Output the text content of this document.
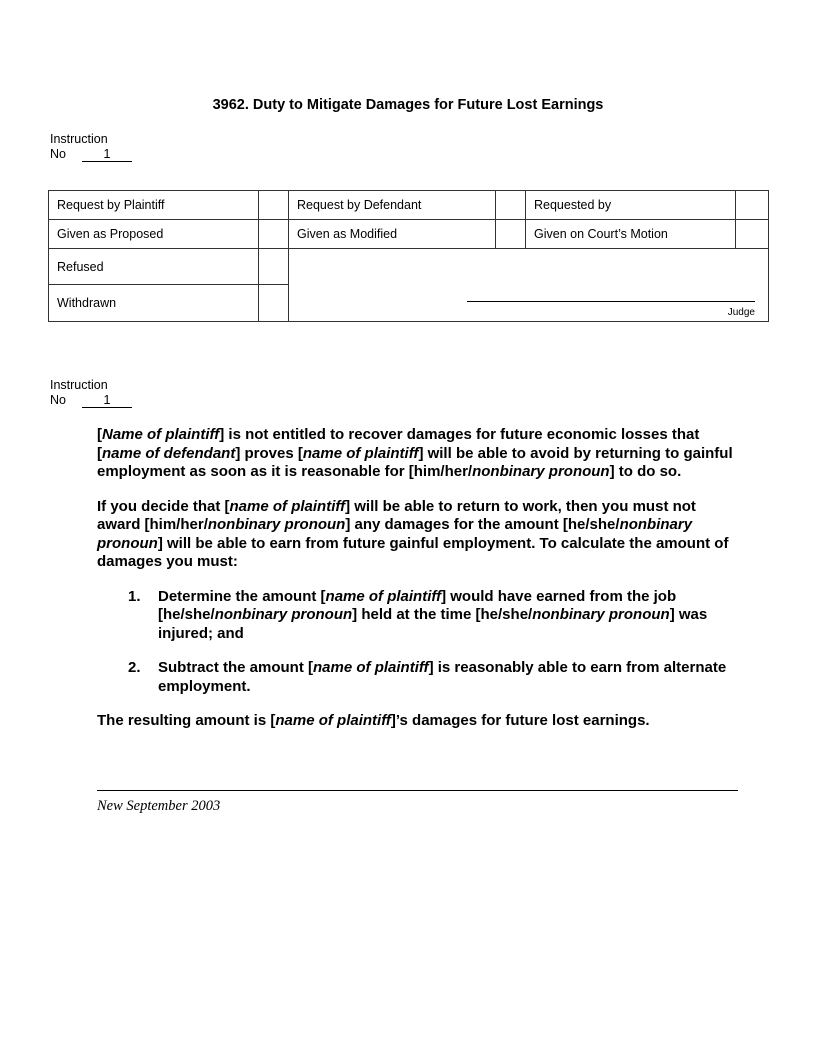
3962. Duty to Mitigate Damages for Future Lost Earnings
Instruction
No	1
Request by Plaintiff		Request by Defendant		Requested by	
Given as Proposed		Given as Modified		Given on Court’s Motion	
Refused		Judge			

Withdrawn					
Instruction
No	1

[Name of plaintiff] is not entitled to recover damages for future economic losses that [name of defendant] proves [name of plaintiff] will be able to avoid by returning to gainful employment as soon as it is reasonable for [him/her/nonbinary pronoun] to do so.

If you decide that [name of plaintiff] will be able to return to work, then you must not award [him/her/nonbinary pronoun] any damages for the amount [he/she/nonbinary pronoun] will be able to earn from future gainful employment. To calculate the amount of damages you must:

1.	Determine the amount [name of plaintiff] would have earned from the job [he/she/nonbinary pronoun] held at the time [he/she/nonbinary pronoun] was injured; and
2.	Subtract the amount [name of plaintiff] is reasonably able to earn from alternate employment.

The resulting amount is [name of plaintiff]’s damages for future lost earnings.

New September 2003
